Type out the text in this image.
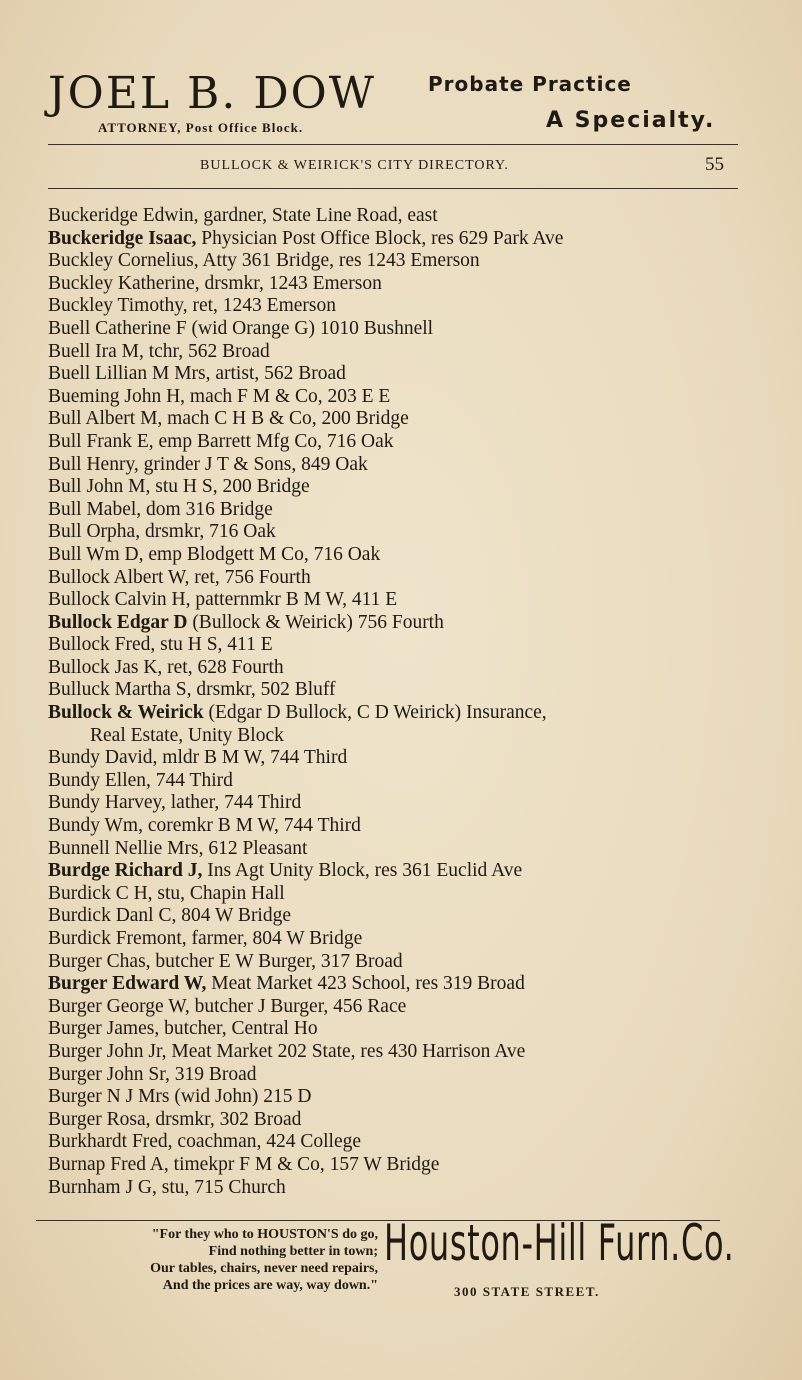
JOEL B. DOW
ATTORNEY, Post Office Block.
Probate Practice
A Specialty.
BULLOCK & WEIRICK'S CITY DIRECTORY.	55
Buckeridge Edwin, gardner, State Line Road, east
Buckeridge Isaac, Physician Post Office Block, res 629 Park Ave
Buckley Cornelius, Atty 361 Bridge, res 1243 Emerson
Buckley Katherine, drsmkr, 1243 Emerson
Buckley Timothy, ret, 1243 Emerson
Buell Catherine F (wid Orange G) 1010 Bushnell
Buell Ira M, tchr, 562 Broad
Buell Lillian M Mrs, artist, 562 Broad
Bueming John H, mach F M & Co, 203 E E
Bull Albert M, mach C H B & Co, 200 Bridge
Bull Frank E, emp Barrett Mfg Co, 716 Oak
Bull Henry, grinder J T & Sons, 849 Oak
Bull John M, stu H S, 200 Bridge
Bull Mabel, dom 316 Bridge
Bull Orpha, drsmkr, 716 Oak
Bull Wm D, emp Blodgett M Co, 716 Oak
Bullock Albert W, ret, 756 Fourth
Bullock Calvin H, patternmkr B M W, 411 E
Bullock Edgar D (Bullock & Weirick) 756 Fourth
Bullock Fred, stu H S, 411 E
Bullock Jas K, ret, 628 Fourth
Bulluck Martha S, drsmkr, 502 Bluff
Bullock & Weirick (Edgar D Bullock, C D Weirick) Insurance,
Real Estate, Unity Block
Bundy David, mldr B M W, 744 Third
Bundy Ellen, 744 Third
Bundy Harvey, lather, 744 Third
Bundy Wm, coremkr B M W, 744 Third
Bunnell Nellie Mrs, 612 Pleasant
Burdge Richard J, Ins Agt Unity Block, res 361 Euclid Ave
Burdick C H, stu, Chapin Hall
Burdick Danl C, 804 W Bridge
Burdick Fremont, farmer, 804 W Bridge
Burger Chas, butcher E W Burger, 317 Broad
Burger Edward W, Meat Market 423 School, res 319 Broad
Burger George W, butcher J Burger, 456 Race
Burger James, butcher, Central Ho
Burger John Jr, Meat Market 202 State, res 430 Harrison Ave
Burger John Sr, 319 Broad
Burger N J Mrs (wid John) 215 D
Burger Rosa, drsmkr, 302 Broad
Burkhardt Fred, coachman, 424 College
Burnap Fred A, timekpr F M & Co, 157 W Bridge
Burnham J G, stu, 715 Church
"For they who to HOUSTON'S do go,
Find nothing better in town;
Our tables, chairs, never need repairs,
And the prices are way, way down."
Houston-Hill Furn.Co.
300 STATE STREET.
